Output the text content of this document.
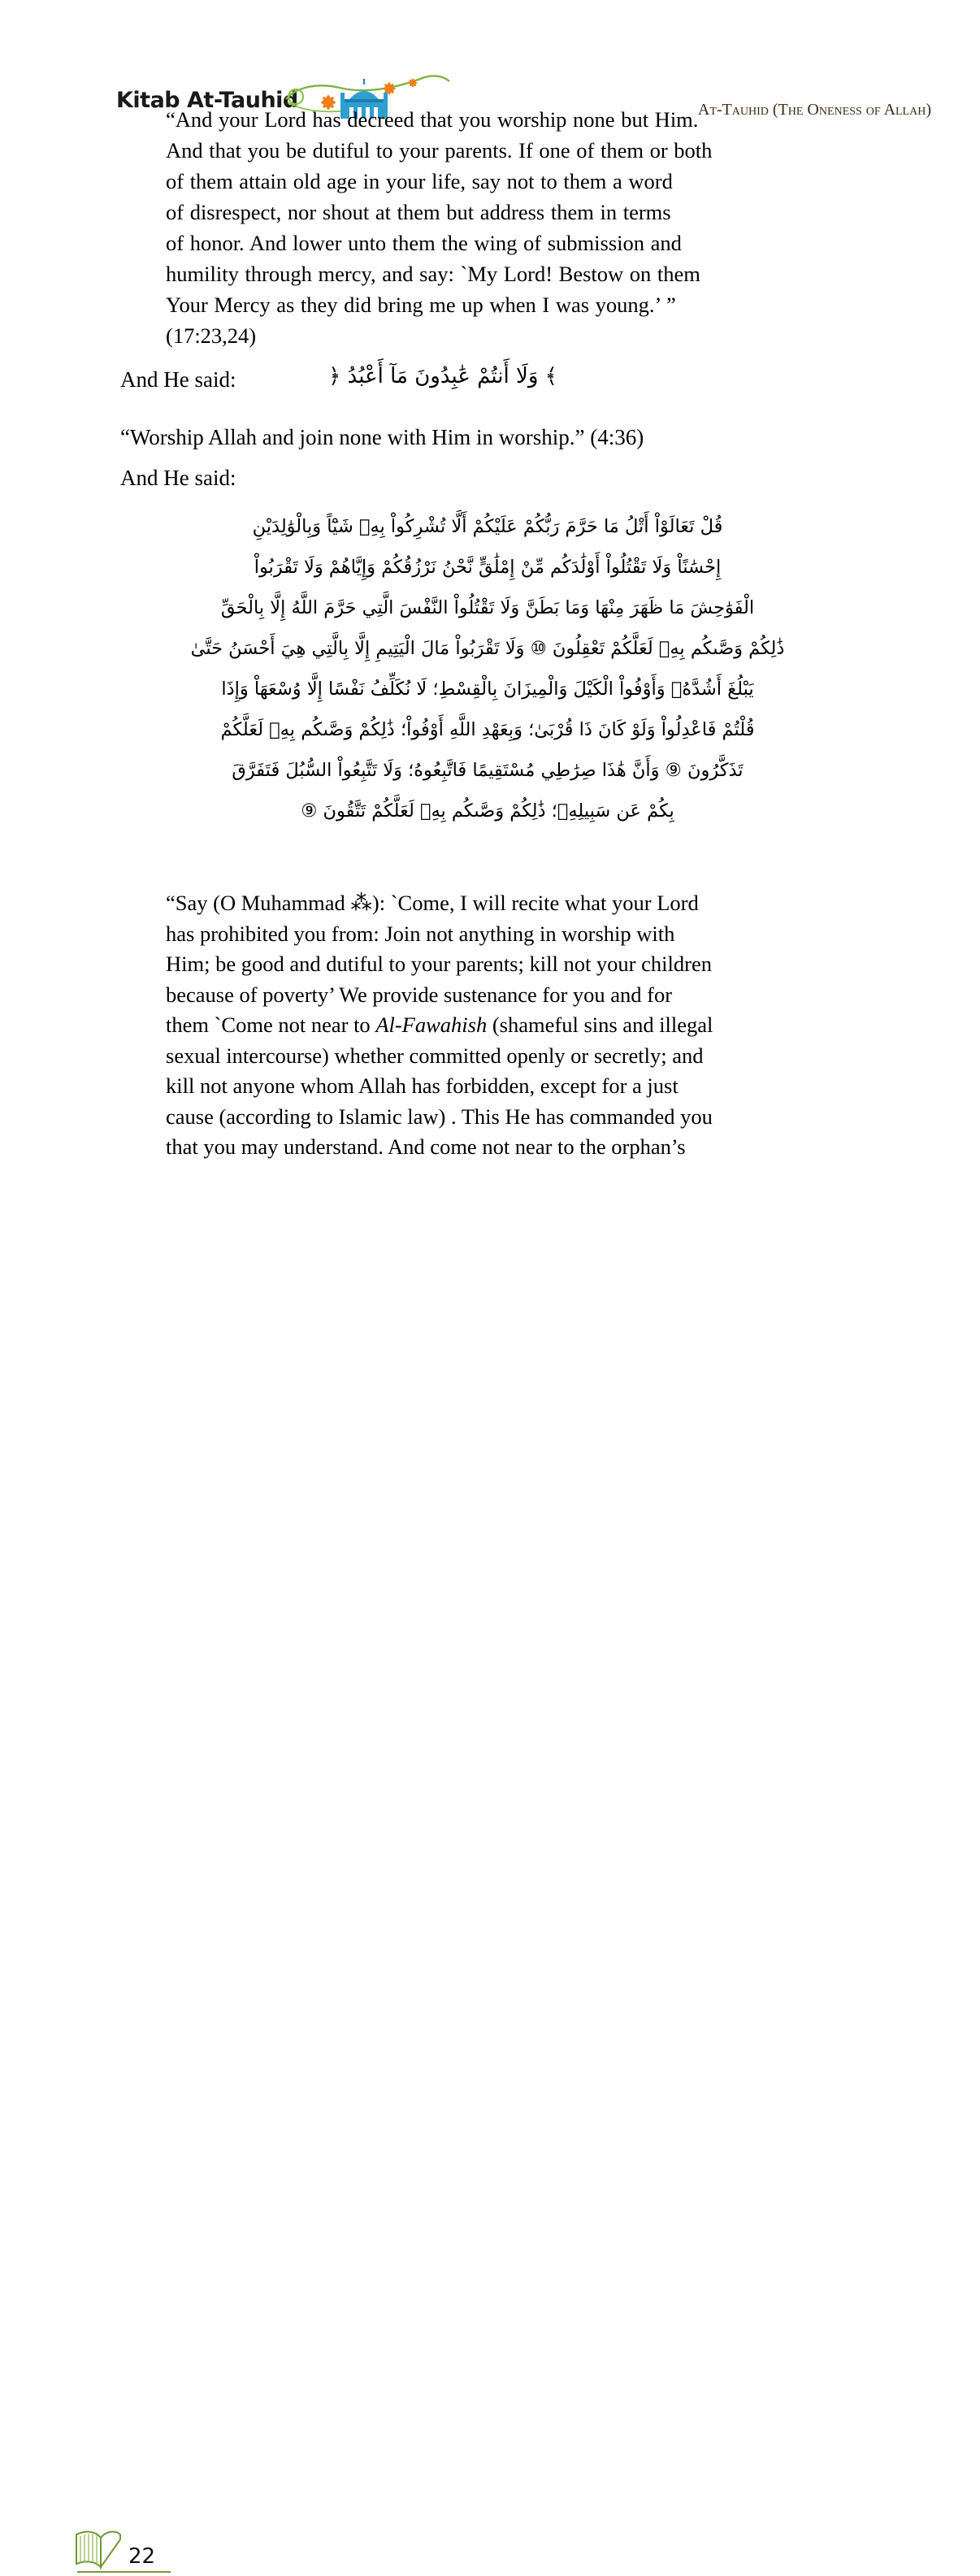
Kitab At-Tauhid	At-Tauhid (The Oneness of Allah)
“And your Lord has decreed that you worship none but Him.
And that you be dutiful to your parents. If one of them or both
of them attain old age in your life, say not to them a word
of disrespect, nor shout at them but address them in terms
of honor. And lower unto them the wing of submission and
humility through mercy, and say: `My Lord! Bestow on them
Your Mercy as they did bring me up when I was young.’ ”
(17:23,24)
And He said:	﴾ وَلَا أَنتُمْ عَٰبِدُونَ مَآ أَعْبُدُ ﴿
“Worship Allah and join none with Him in worship.” (4:36)
And He said:
قُلْ تَعَالَوْاْ أَتْلُ مَا حَرَّمَ رَبُّكُمْ عَلَيْكُمْ أَلَّا تُشْرِكُواْ بِهِۡ شَيْٓاً وَبِالْوَٰلِدَيْنِ
إِحْسَٰنًاْ وَلَا تَقْتُلُواْ أَوْلَٰدَكُم مِّنْ إِمْلَٰقٍّ نَّحْنُ نَرْزُقُكُمْ وَإِيَّاهُمْ وَلَا تَقْرَبُواْ
الْفَوَٰحِشَ مَا ظَهَرَ مِنْهَا وَمَا بَطَنَّ وَلَا تَقْتُلُواْ النَّفْسَ الَّتِي حَرَّمَ اللَّهُ إِلَّا بِالْحَقِّ
ذَٰلِكُمْ وَصَّىكُم بِهِۡ لَعَلَّكُمْ تَعْقِلُونَ ⑩ وَلَا تَقْرَبُواْ مَالَ الْيَتِيمِ إِلَّا بِالَّتِي هِيَ أَحْسَنُ حَتَّىٰ
يَبْلُغَ أَشُدَّهُۡ وَأَوْفُواْ الْكَيْلَ وَالْمِيزَانَ بِالْقِسْطِ؛ لَا نُكَلِّفُ نَفْسًا إِلَّا وُسْعَهَاْ وَإِذَا
قُلْتُمْ فَاعْدِلُواْ وَلَوْ كَانَ ذَا قُرْبَىٰ؛ وَبِعَهْدِ اللَّهِ أَوْفُواْ؛ ذَٰلِكُمْ وَصَّىكُم بِهِۡ لَعَلَّكُمْ
تَذَكَّرُونَ ⑨ وَأَنَّ هَٰذَا صِرَٰطِي مُسْتَقِيمًا فَاتَّبِعُوهُ؛ وَلَا تَتَّبِعُواْ السُّبُلَ فَتَفَرَّقَ
بِكُمْ عَن سَبِيلِهِۡ؛ ذَٰلِكُمْ وَصَّىكُم بِهِۡ لَعَلَّكُمْ تَتَّقُونَ ⑨
“Say (O Muhammad ⁂): `Come, I will recite what your Lord
has prohibited you from: Join not anything in worship with
Him; be good and dutiful to your parents; kill not your children
because of poverty’ We provide sustenance for you and for
them `Come not near to Al-Fawahish (shameful sins and illegal
sexual intercourse) whether committed openly or secretly; and
kill not anyone whom Allah has forbidden, except for a just
cause (according to Islamic law) . This He has commanded you
that you may understand. And come not near to the orphan’s
22
